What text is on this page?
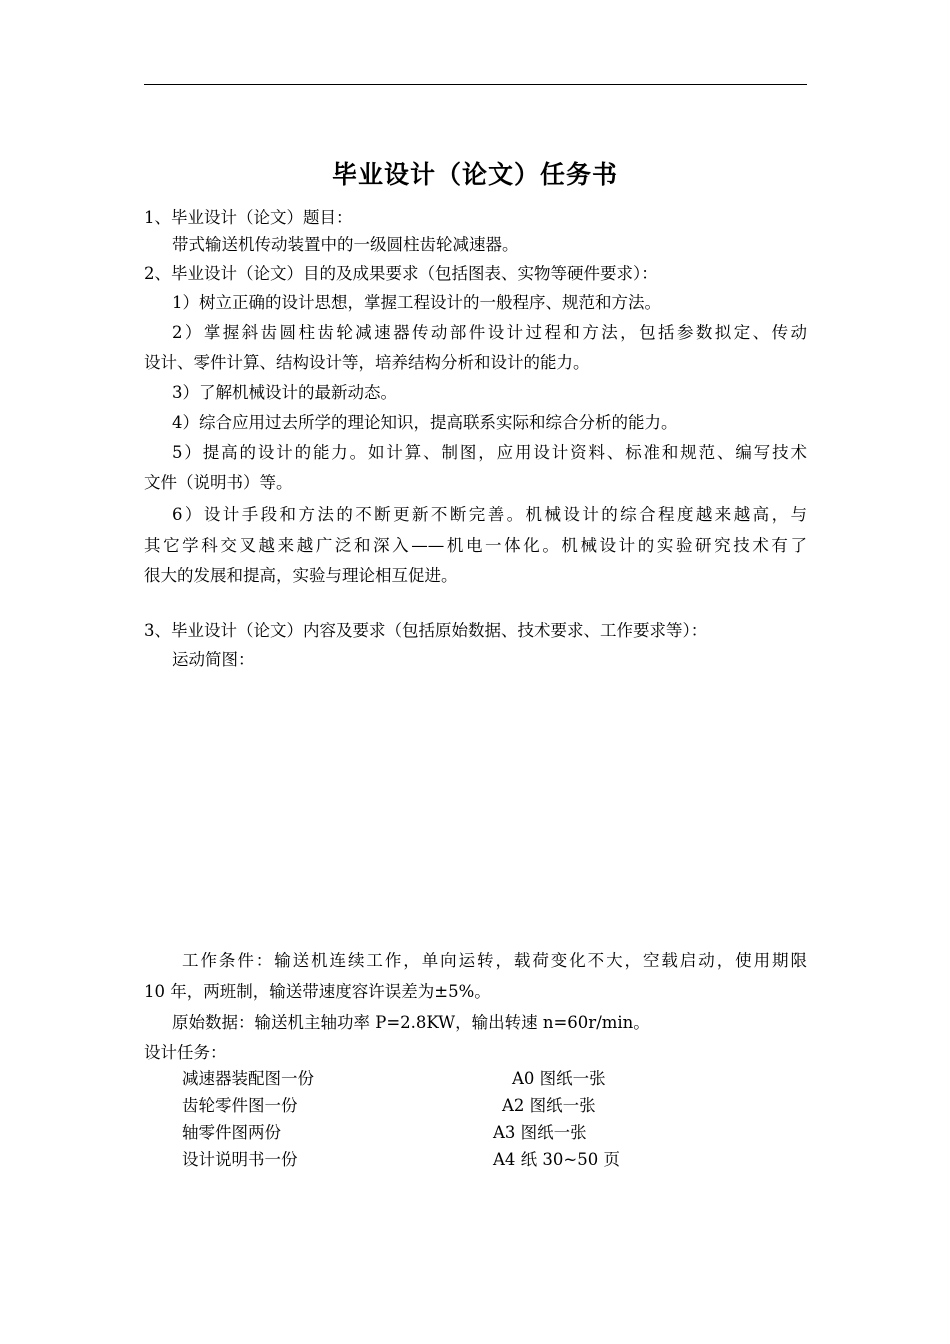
毕业设计（论文）任务书
1、毕业设计（论文）题目：
带式输送机传动装置中的一级圆柱齿轮减速器。
2、毕业设计（论文）目的及成果要求（包括图表、实物等硬件要求）：
1）树立正确的设计思想，掌握工程设计的一般程序、规范和方法。
2）掌握斜齿圆柱齿轮减速器传动部件设计过程和方法，包括参数拟定、传动
设计、零件计算、结构设计等，培养结构分析和设计的能力。
3）了解机械设计的最新动态。
4）综合应用过去所学的理论知识，提高联系实际和综合分析的能力。
5）提高的设计的能力。如计算、制图，应用设计资料、标准和规范、编写技术
文件（说明书）等。
6）设计手段和方法的不断更新不断完善。机械设计的综合程度越来越高，与
其它学科交叉越来越广泛和深入——机电一体化。机械设计的实验研究技术有了
很大的发展和提高，实验与理论相互促进。
3、毕业设计（论文）内容及要求（包括原始数据、技术要求、工作要求等）：
运动简图：
工作条件：输送机连续工作，单向运转，载荷变化不大，空载启动，使用期限
10 年，两班制，输送带速度容许误差为±5%。
原始数据：输送机主轴功率 P=2.8KW，输出转速 n=60r/min。
设计任务：
减速器装配图一份	A0 图纸一张
齿轮零件图一份	A2 图纸一张
轴零件图两份	A3 图纸一张
设计说明书一份	A4 纸 30~50 页
